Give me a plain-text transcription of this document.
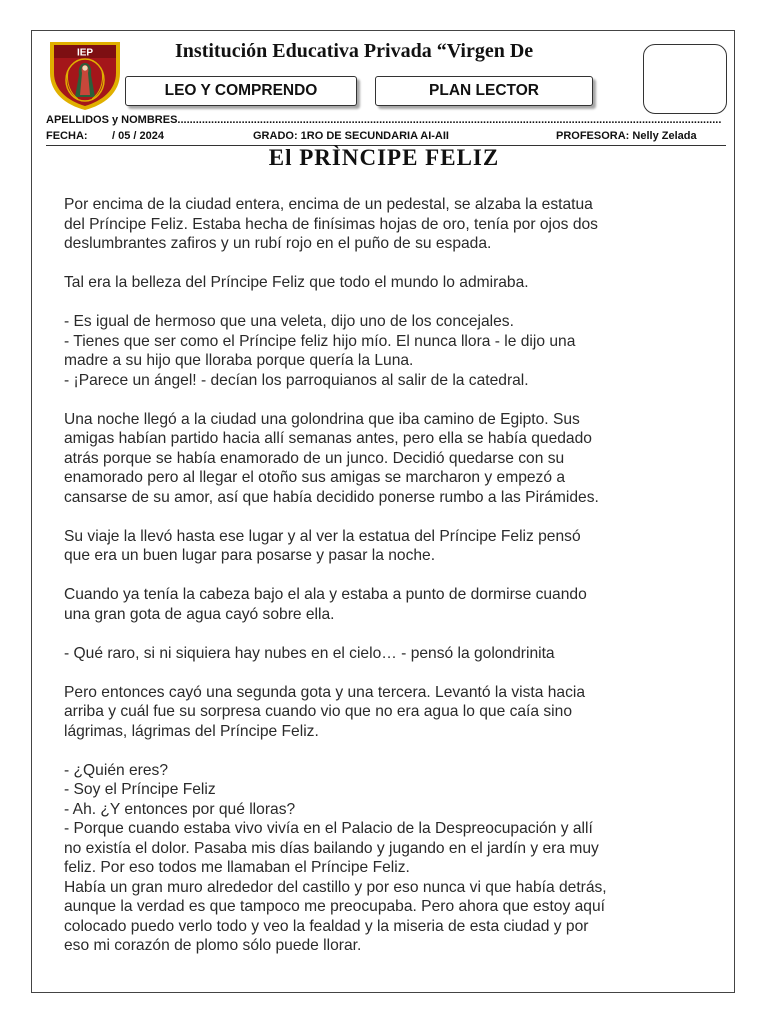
IEP	Institución Educativa Privada “Virgen De
LEO Y COMPRENDO	PLAN LECTOR
APELLIDOS y NOMBRES..................................................................................................................................................................................
FECHA: / 05 / 2024	GRADO: 1RO DE SECUNDARIA AI-AII	PROFESORA: Nelly Zelada
El PRÌNCIPE FELIZ

Por encima de la ciudad entera, encima de un pedestal, se alzaba la estatua
del Príncipe Feliz. Estaba hecha de finísimas hojas de oro, tenía por ojos dos
deslumbrantes zafiros y un rubí rojo en el puño de su espada.

Tal era la belleza del Príncipe Feliz que todo el mundo lo admiraba.

- Es igual de hermoso que una veleta, dijo uno de los concejales.
- Tienes que ser como el Príncipe feliz hijo mío. El nunca llora - le dijo una
madre a su hijo que lloraba porque quería la Luna.
- ¡Parece un ángel! - decían los parroquianos al salir de la catedral.

Una noche llegó a la ciudad una golondrina que iba camino de Egipto. Sus
amigas habían partido hacia allí semanas antes, pero ella se había quedado
atrás porque se había enamorado de un junco. Decidió quedarse con su
enamorado pero al llegar el otoño sus amigas se marcharon y empezó a
cansarse de su amor, así que había decidido ponerse rumbo a las Pirámides.

Su viaje la llevó hasta ese lugar y al ver la estatua del Príncipe Feliz pensó
que era un buen lugar para posarse y pasar la noche.

Cuando ya tenía la cabeza bajo el ala y estaba a punto de dormirse cuando
una gran gota de agua cayó sobre ella.

- Qué raro, si ni siquiera hay nubes en el cielo… - pensó la golondrinita

Pero entonces cayó una segunda gota y una tercera. Levantó la vista hacia
arriba y cuál fue su sorpresa cuando vio que no era agua lo que caía sino
lágrimas, lágrimas del Príncipe Feliz.

- ¿Quién eres?
- Soy el Príncipe Feliz
- Ah. ¿Y entonces por qué lloras?
- Porque cuando estaba vivo vivía en el Palacio de la Despreocupación y allí
no existía el dolor. Pasaba mis días bailando y jugando en el jardín y era muy
feliz. Por eso todos me llamaban el Príncipe Feliz.
Había un gran muro alrededor del castillo y por eso nunca vi que había detrás,
aunque la verdad es que tampoco me preocupaba. Pero ahora que estoy aquí
colocado puedo verlo todo y veo la fealdad y la miseria de esta ciudad y por
eso mi corazón de plomo sólo puede llorar.
